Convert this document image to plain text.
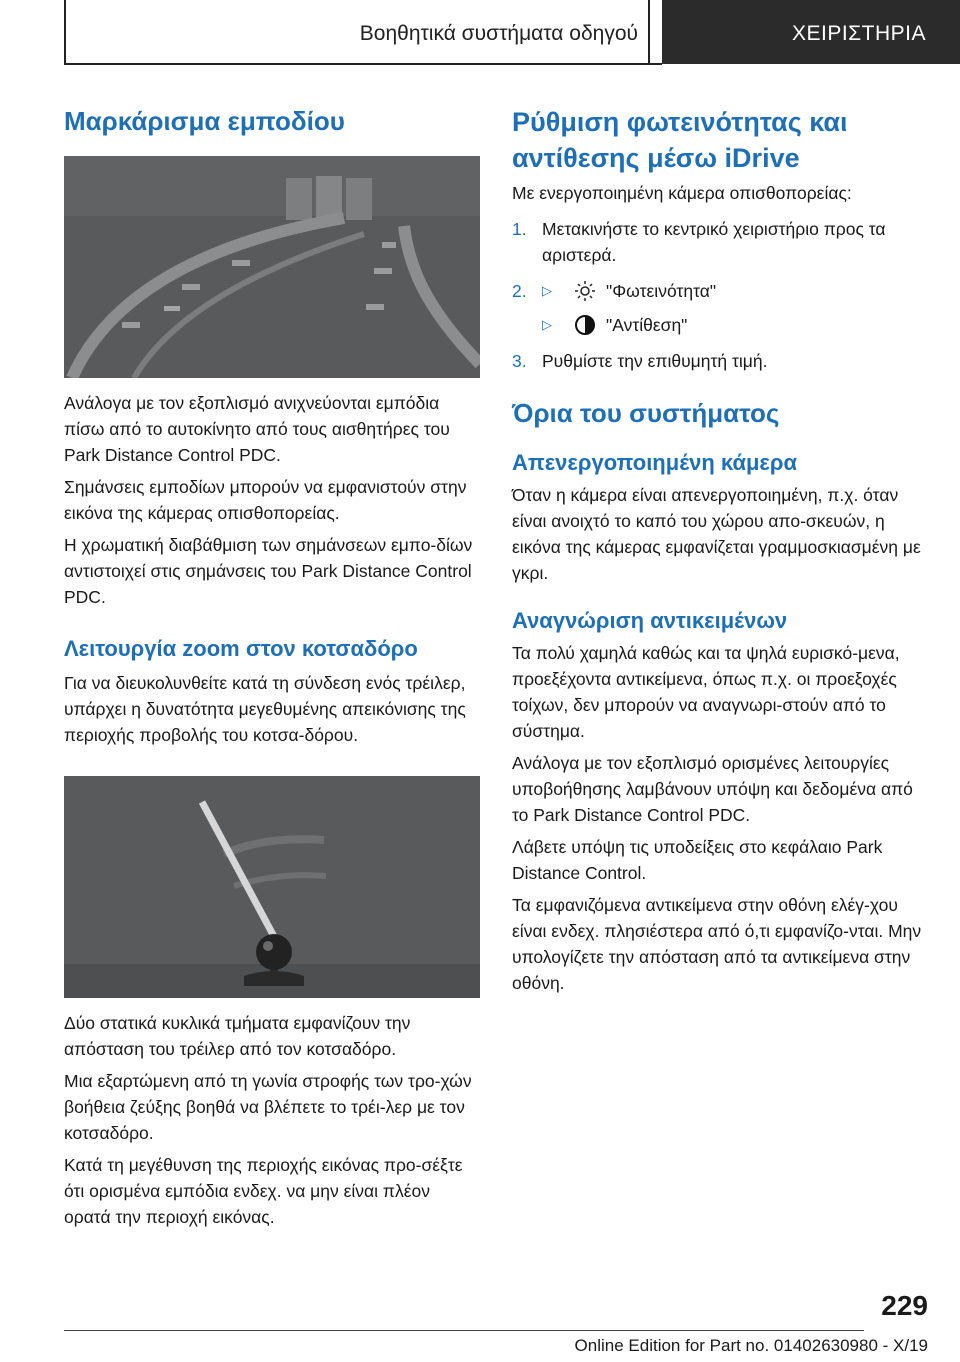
Βοηθητικά συστήματα οδηγού	ΧΕΙΡΙΣΤΗΡΙΑ
Μαρκάρισμα εμποδίου

Ανάλογα με τον εξοπλισμό ανιχνεύονται εμπόδια πίσω από το αυτοκίνητο από τους αισθητήρες του Park Distance Control PDC.

Σημάνσεις εμποδίων μπορούν να εμφανιστούν στην εικόνα της κάμερας οπισθοπορείας.

Η χρωματική διαβάθμιση των σημάνσεων εμπο-δίων αντιστοιχεί στις σημάνσεις του Park Distance Control PDC.

Λειτουργία zoom στον κοτσαδόρο

Για να διευκολυνθείτε κατά τη σύνδεση ενός τρέιλερ, υπάρχει η δυνατότητα μεγεθυμένης απεικόνισης της περιοχής προβολής του κοτσα-δόρου.

Δύο στατικά κυκλικά τμήματα εμφανίζουν την απόσταση του τρέιλερ από τον κοτσαδόρο.

Μια εξαρτώμενη από τη γωνία στροφής των τρο-χών βοήθεια ζεύξης βοηθά να βλέπετε το τρέι-λερ με τον κοτσαδόρο.

Κατά τη μεγέθυνση της περιοχής εικόνας προ-σέξτε ότι ορισμένα εμπόδια ενδεχ. να μην είναι πλέον ορατά την περιοχή εικόνας.

Ρύθμιση φωτεινότητας και αντίθεσης μέσω iDrive

Με ενεργοποιημένη κάμερα οπισθοπορείας:

1. Μετακινήστε το κεντρικό χειριστήριο προς τα αριστερά.
2. ▷	"Φωτεινότητα"
▷	"Αντίθεση"
3. Ρυθμίστε την επιθυμητή τιμή.
Όρια του συστήματος
Απενεργοποιημένη κάμερα

Όταν η κάμερα είναι απενεργοποιημένη, π.χ. όταν είναι ανοιχτό το καπό του χώρου απο-σκευών, η εικόνα της κάμερας εμφανίζεται γραμμοσκιασμένη με γκρι.

Αναγνώριση αντικειμένων

Τα πολύ χαμηλά καθώς και τα ψηλά ευρισκό-μενα, προεξέχοντα αντικείμενα, όπως π.χ. οι προεξοχές τοίχων, δεν μπορούν να αναγνωρι-στούν από το σύστημα.

Ανάλογα με τον εξοπλισμό ορισμένες λειτουργίες υποβοήθησης λαμβάνουν υπόψη και δεδομένα από το Park Distance Control PDC.

Λάβετε υπόψη τις υποδείξεις στο κεφάλαιο Park Distance Control.

Τα εμφανιζόμενα αντικείμενα στην οθόνη ελέγ-χου είναι ενδεχ. πλησιέστερα από ό,τι εμφανίζο-νται. Μην υπολογίζετε την απόσταση από τα αντικείμενα στην οθόνη.

229
Online Edition for Part no. 01402630980 - X/19
